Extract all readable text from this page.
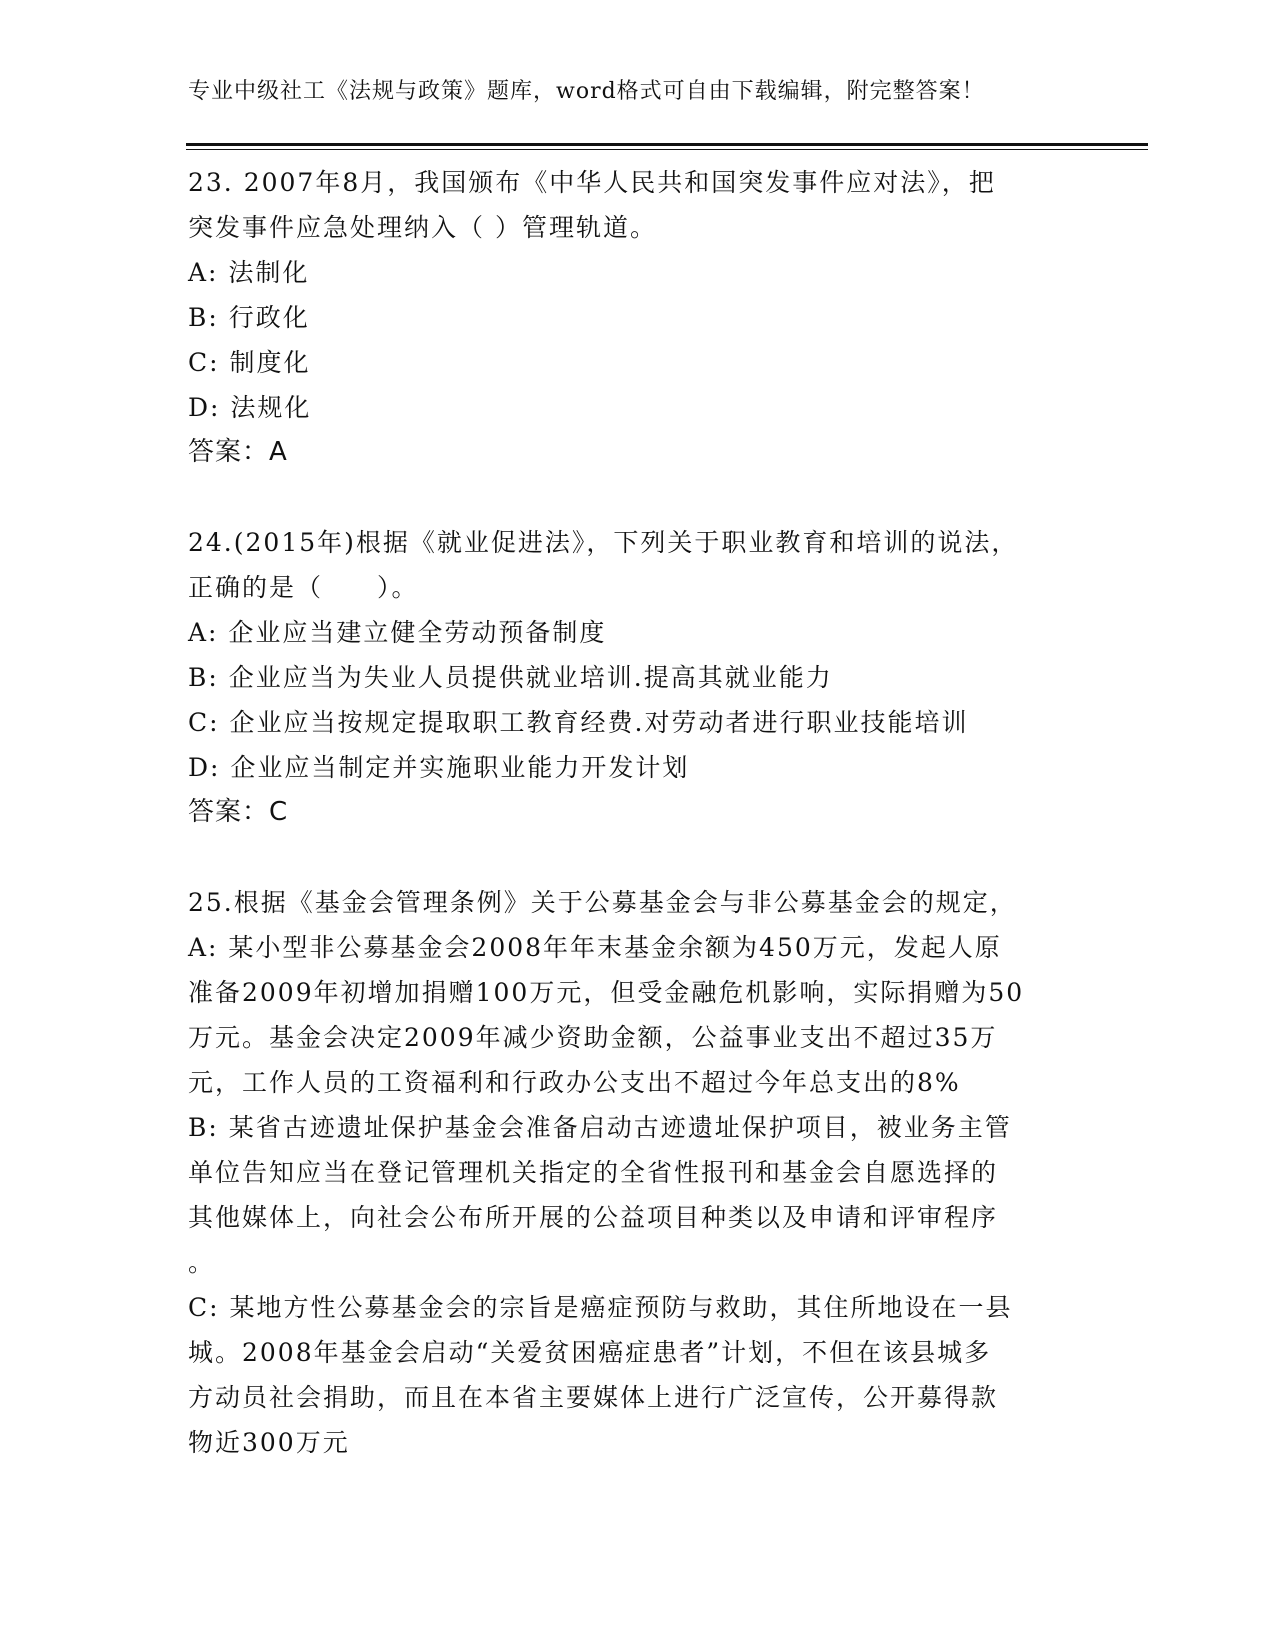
专业中级社工《法规与政策》题库，word格式可自由下载编辑，附完整答案！
23. 2007年8月，我国颁布《中华人民共和国突发事件应对法》，把
突发事件应急处理纳入（ ）管理轨道。
A: 法制化
B: 行政化
C: 制度化
D: 法规化
答案：A
24.(2015年)根据《就业促进法》，下列关于职业教育和培训的说法，
正确的是（　　）。
A: 企业应当建立健全劳动预备制度
B: 企业应当为失业人员提供就业培训.提高其就业能力
C: 企业应当按规定提取职工教育经费.对劳动者进行职业技能培训
D: 企业应当制定并实施职业能力开发计划
答案：C
25.根据《基金会管理条例》关于公募基金会与非公募基金会的规定，
A: 某小型非公募基金会2008年年末基金余额为450万元，发起人原
准备2009年初增加捐赠100万元，但受金融危机影响，实际捐赠为50
万元。基金会决定2009年减少资助金额，公益事业支出不超过35万
元，工作人员的工资福利和行政办公支出不超过今年总支出的8%
B: 某省古迹遗址保护基金会准备启动古迹遗址保护项目，被业务主管
单位告知应当在登记管理机关指定的全省性报刊和基金会自愿选择的
其他媒体上，向社会公布所开展的公益项目种类以及申请和评审程序
。
C: 某地方性公募基金会的宗旨是癌症预防与救助，其住所地设在一县
城。2008年基金会启动“关爱贫困癌症患者”计划，不但在该县城多
方动员社会捐助，而且在本省主要媒体上进行广泛宣传，公开募得款
物近300万元
